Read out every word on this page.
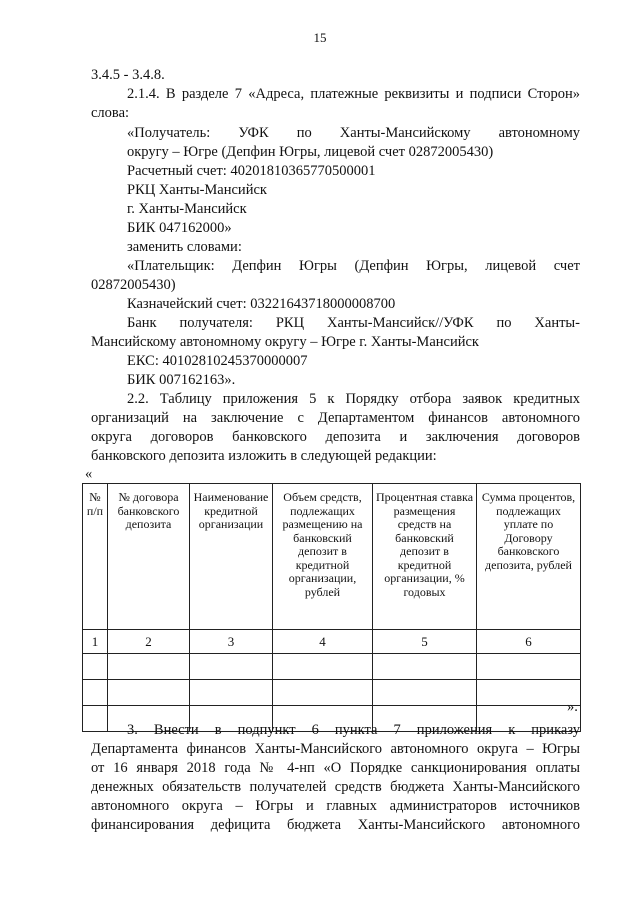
15
3.4.5 - 3.4.8.
2.1.4. В разделе 7 «Адреса, платежные реквизиты и подписи Сторон»
слова:
«Получатель: УФК по Ханты-Мансийскому автономному
округу – Югре (Депфин Югры, лицевой счет 02872005430)
Расчетный счет: 40201810365770500001
РКЦ Ханты-Мансийск
г. Ханты-Мансийск
БИК 047162000»
заменить словами:
«Плательщик: Депфин Югры (Депфин Югры, лицевой счет
02872005430)
Казначейский счет: 03221643718000008700
Банк получателя: РКЦ Ханты-Мансийск//УФК по Ханты-
Мансийскому автономному округу – Югре г. Ханты-Мансийск
ЕКС: 40102810245370000007
БИК 007162163».
2.2. Таблицу приложения 5 к Порядку отбора заявок кредитных
организаций на заключение с Департаментом финансов автономного
округа договоров банковского депозита и заключения договоров
банковского депозита изложить в следующей редакции:
«
№ п/п	№ договора банковского депозита	Наименование кредитной организации	Объем средств, подлежащих размещению на банковский депозит в кредитной организации, рублей	Процентная ставка размещения средств на банковский депозит в кредитной организации, % годовых	Сумма процентов, подлежащих уплате по Договору банковского депозита, рублей
1	2	3	4	5	6

».
3. Внести в подпункт 6 пункта 7 приложения к приказу
Департамента финансов Ханты-Мансийского автономного округа – Югры
от 16 января 2018 года № 4-нп «О Порядке санкционирования оплаты
денежных обязательств получателей средств бюджета Ханты-Мансийского
автономного округа – Югры и главных администраторов источников
финансирования дефицита бюджета Ханты-Мансийского автономного
